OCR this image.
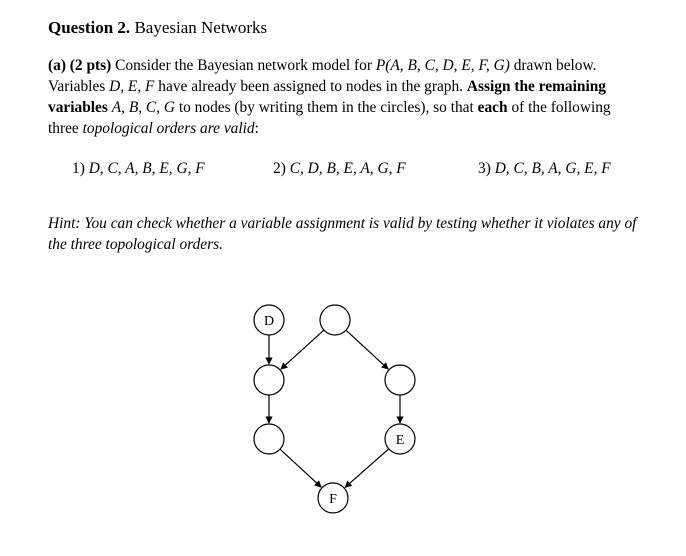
Question 2. Bayesian Networks

(a) (2 pts) Consider the Bayesian network model for P(A, B, C, D, E, F, G) drawn below. Variables D, E, F have already been assigned to nodes in the graph. Assign the remaining variables A, B, C, G to nodes (by writing them in the circles), so that each of the following three topological orders are valid:

1) D, C, A, B, E, G, F	2) C, D, B, E, A, G, F	3) D, C, B, A, G, E, F

Hint: You can check whether a variable assignment is valid by testing whether it violates any of the three topological orders.

D
E
F
